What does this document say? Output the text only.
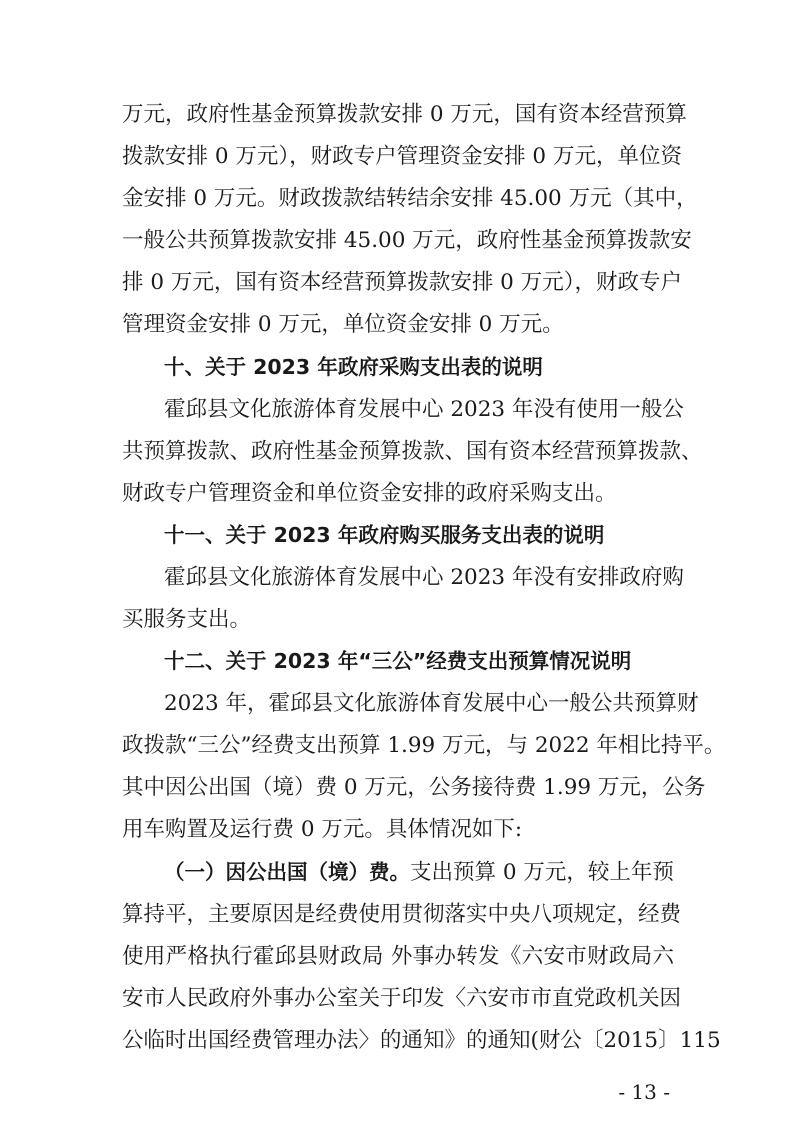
万元，政府性基金预算拨款安排 0 万元，国有资本经营预算
拨款安排 0 万元），财政专户管理资金安排 0 万元，单位资
金安排 0 万元。财政拨款结转结余安排 45.00 万元（其中，
一般公共预算拨款安排 45.00 万元，政府性基金预算拨款安
排 0 万元，国有资本经营预算拨款安排 0 万元），财政专户
管理资金安排 0 万元，单位资金安排 0 万元。
十、关于 2023 年政府采购支出表的说明
霍邱县文化旅游体育发展中心 2023 年没有使用一般公
共预算拨款、政府性基金预算拨款、国有资本经营预算拨款、
财政专户管理资金和单位资金安排的政府采购支出。
十一、关于 2023 年政府购买服务支出表的说明
霍邱县文化旅游体育发展中心 2023 年没有安排政府购
买服务支出。
十二、关于 2023 年“三公”经费支出预算情况说明
2023 年，霍邱县文化旅游体育发展中心一般公共预算财
政拨款“三公”经费支出预算 1.99 万元，与 2022 年相比持平。
其中因公出国（境）费 0 万元，公务接待费 1.99 万元，公务
用车购置及运行费 0 万元。具体情况如下:
（一）因公出国（境）费。支出预算 0 万元，较上年预
算持平，主要原因是经费使用贯彻落实中央八项规定，经费
使用严格执行霍邱县财政局 外事办转发《六安市财政局六
安市人民政府外事办公室关于印发〈六安市市直党政机关因
公临时出国经费管理办法〉的通知》的通知(财公〔2015〕115
- 13 -
